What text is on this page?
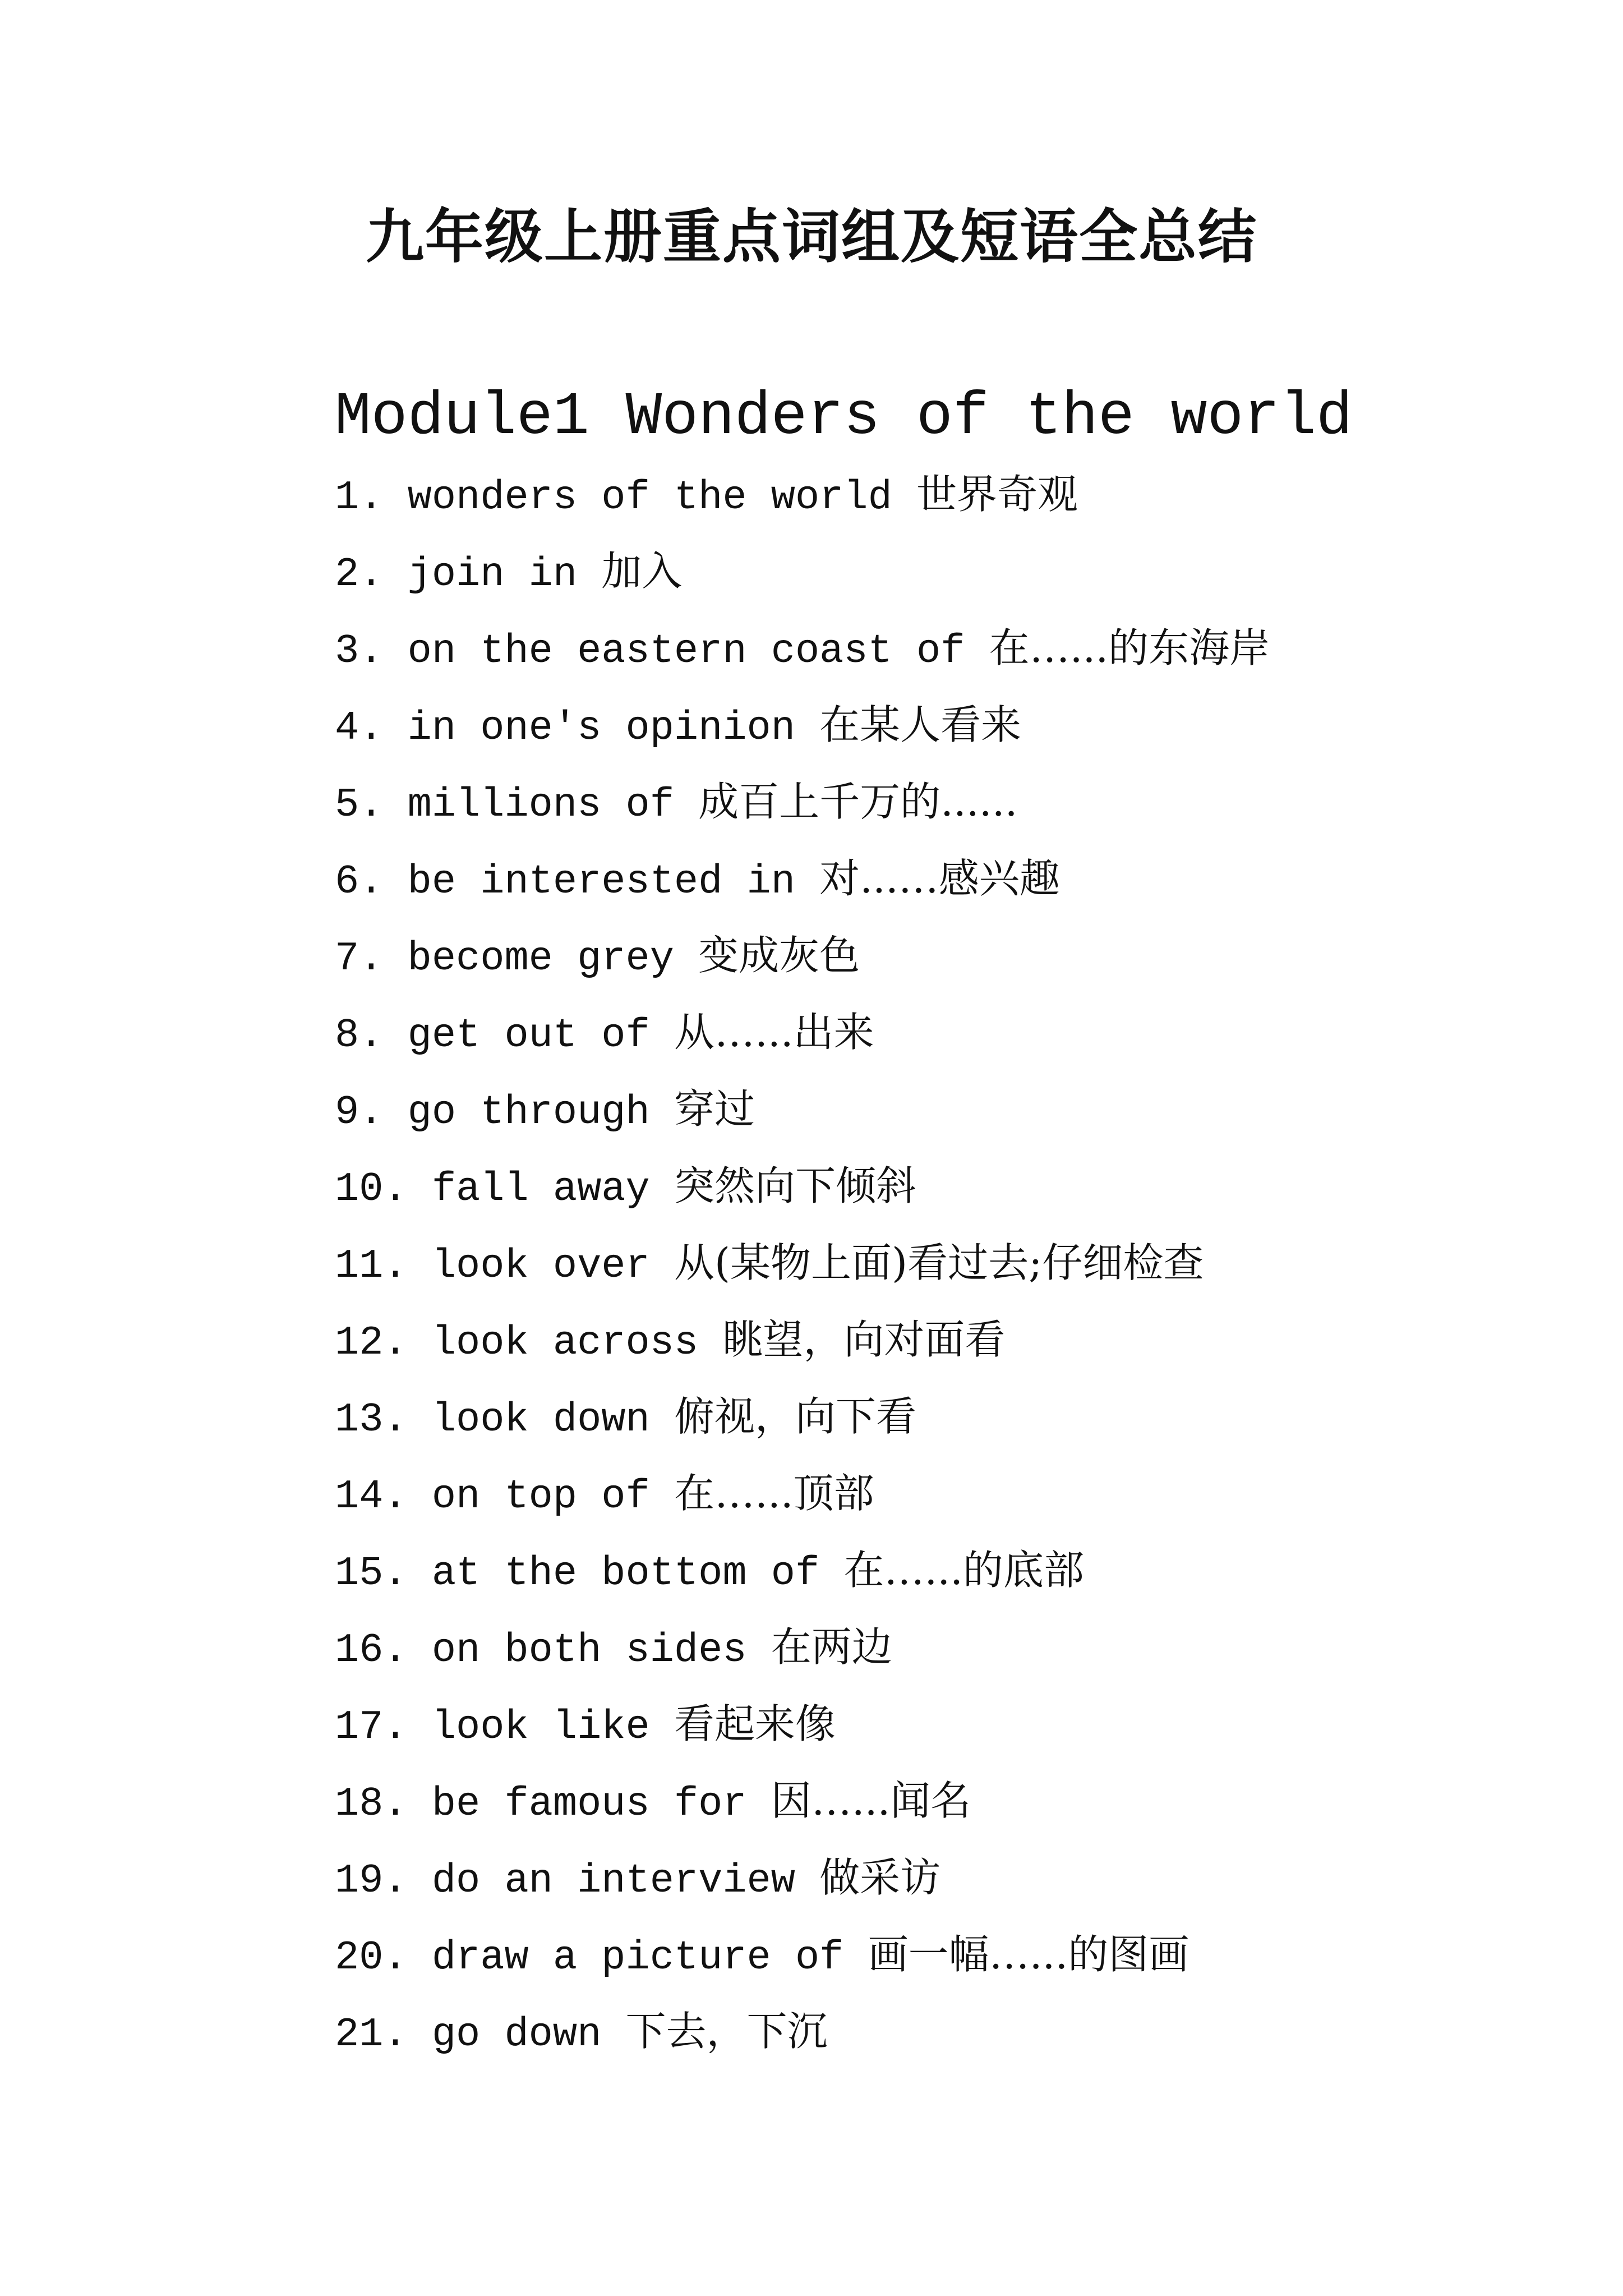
九年级上册重点词组及短语全总结
Module1 Wonders of the world
1. wonders of the world 世界奇观
2. join in 加入
3. on the eastern coast of 在…...的东海岸
4. in one's opinion 在某人看来
5. millions of 成百上千万的......
6. be interested in 对...…感兴趣
7. become grey 变成灰色
8. get out of 从…...出来
9. go through 穿过
10. fall away 突然向下倾斜
11. look over 从(某物上面)看过去;仔细检查
12. look across 眺望，向对面看
13. look down 俯视，向下看
14. on top of 在…...顶部
15. at the bottom of 在…...的底部
16. on both sides 在两边
17. look like 看起来像
18. be famous for 因…...闻名
19. do an interview 做采访
20. draw a picture of 画一幅…...的图画
21. go down 下去，下沉
